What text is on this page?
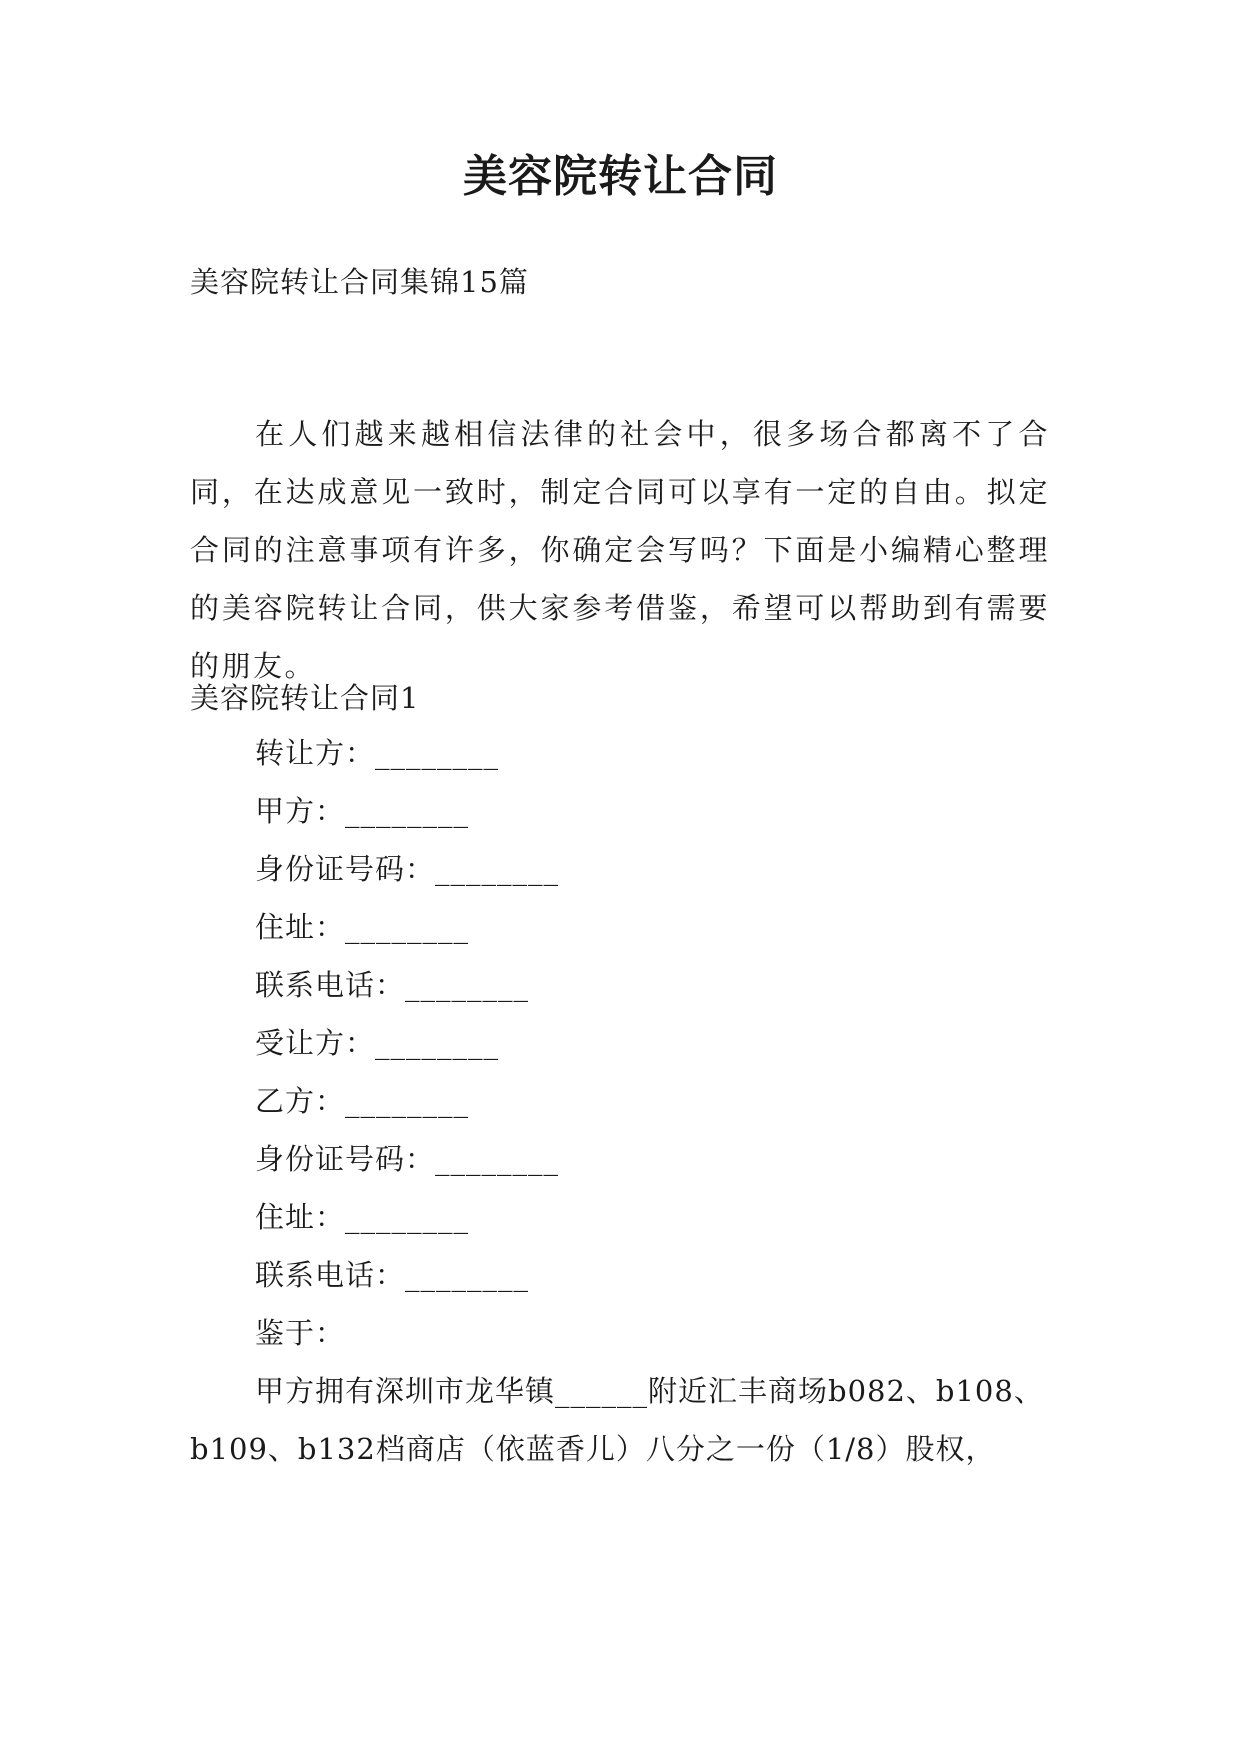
美容院转让合同
美容院转让合同集锦15篇
在人们越来越相信法律的社会中，很多场合都离不了合同，在达成意见一致时，制定合同可以享有一定的自由。拟定合同的注意事项有许多，你确定会写吗？下面是小编精心整理的美容院转让合同，供大家参考借鉴，希望可以帮助到有需要的朋友。
美容院转让合同1
转让方：________
甲方：________
身份证号码：________
住址：________
联系电话：________
受让方：________
乙方：________
身份证号码：________
住址：________
联系电话：________
鉴于：
甲方拥有深圳市龙华镇______附近汇丰商场b082、b108、
b109、b132档商店（依蓝香儿）八分之一份（1/8）股权，
